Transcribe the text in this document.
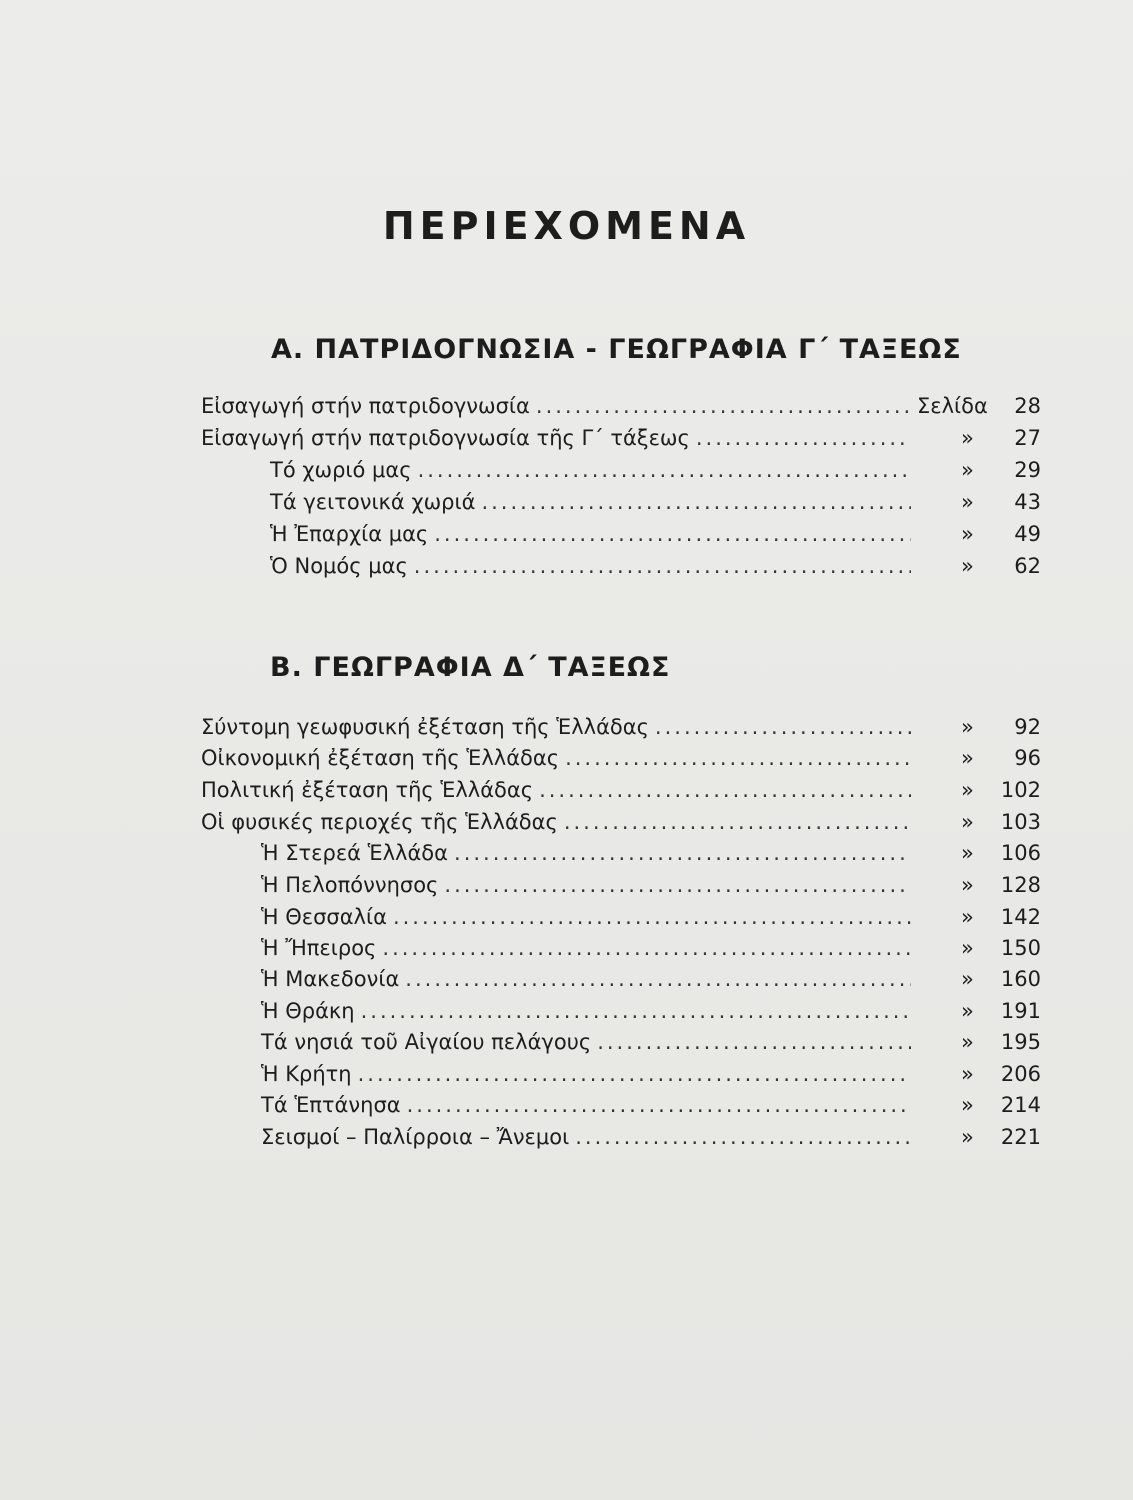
ΠΕΡΙΕΧΟΜΕΝΑ
Α. ΠΑΤΡΙΔΟΓΝΩΣΙΑ - ΓΕΩΓΡΑΦΙΑ Γ΄ ΤΑΞΕΩΣ
Εἰσαγωγή στήν πατριδογνωσία .....	Σελίδα	28
Εἰσαγωγή στήν πατριδογνωσία τῆς Γ΄ τάξεως .....	»	27
Τό χωριό μας .....	»	29
Τά γειτονικά χωριά .....	»	43
Ἡ Ἐπαρχία μας .....	»	49
Ὁ Νομός μας .....	»	62
Β. ΓΕΩΓΡΑΦΙΑ Δ΄ ΤΑΞΕΩΣ
Σύντομη γεωφυσική ἐξέταση τῆς Ἑλλάδας .....	»	92
Οἰκονομική ἐξέταση τῆς Ἑλλάδας .....	»	96
Πολιτική ἐξέταση τῆς Ἑλλάδας .....	»	102
Οἱ φυσικές περιοχές τῆς Ἑλλάδας .....	»	103
Ἡ Στερεά Ἑλλάδα .....	»	106
Ἡ Πελοπόννησος .....	»	128
Ἡ Θεσσαλία .....	»	142
Ἡ Ἤπειρος .....	»	150
Ἡ Μακεδονία .....	»	160
Ἡ Θράκη .....	»	191
Τά νησιά τοῦ Αἰγαίου πελάγους .....	»	195
Ἡ Κρήτη .....	»	206
Τά Ἑπτάνησα .....	»	214
Σεισμοί – Παλίρροια – Ἄνεμοι .....	»	221
